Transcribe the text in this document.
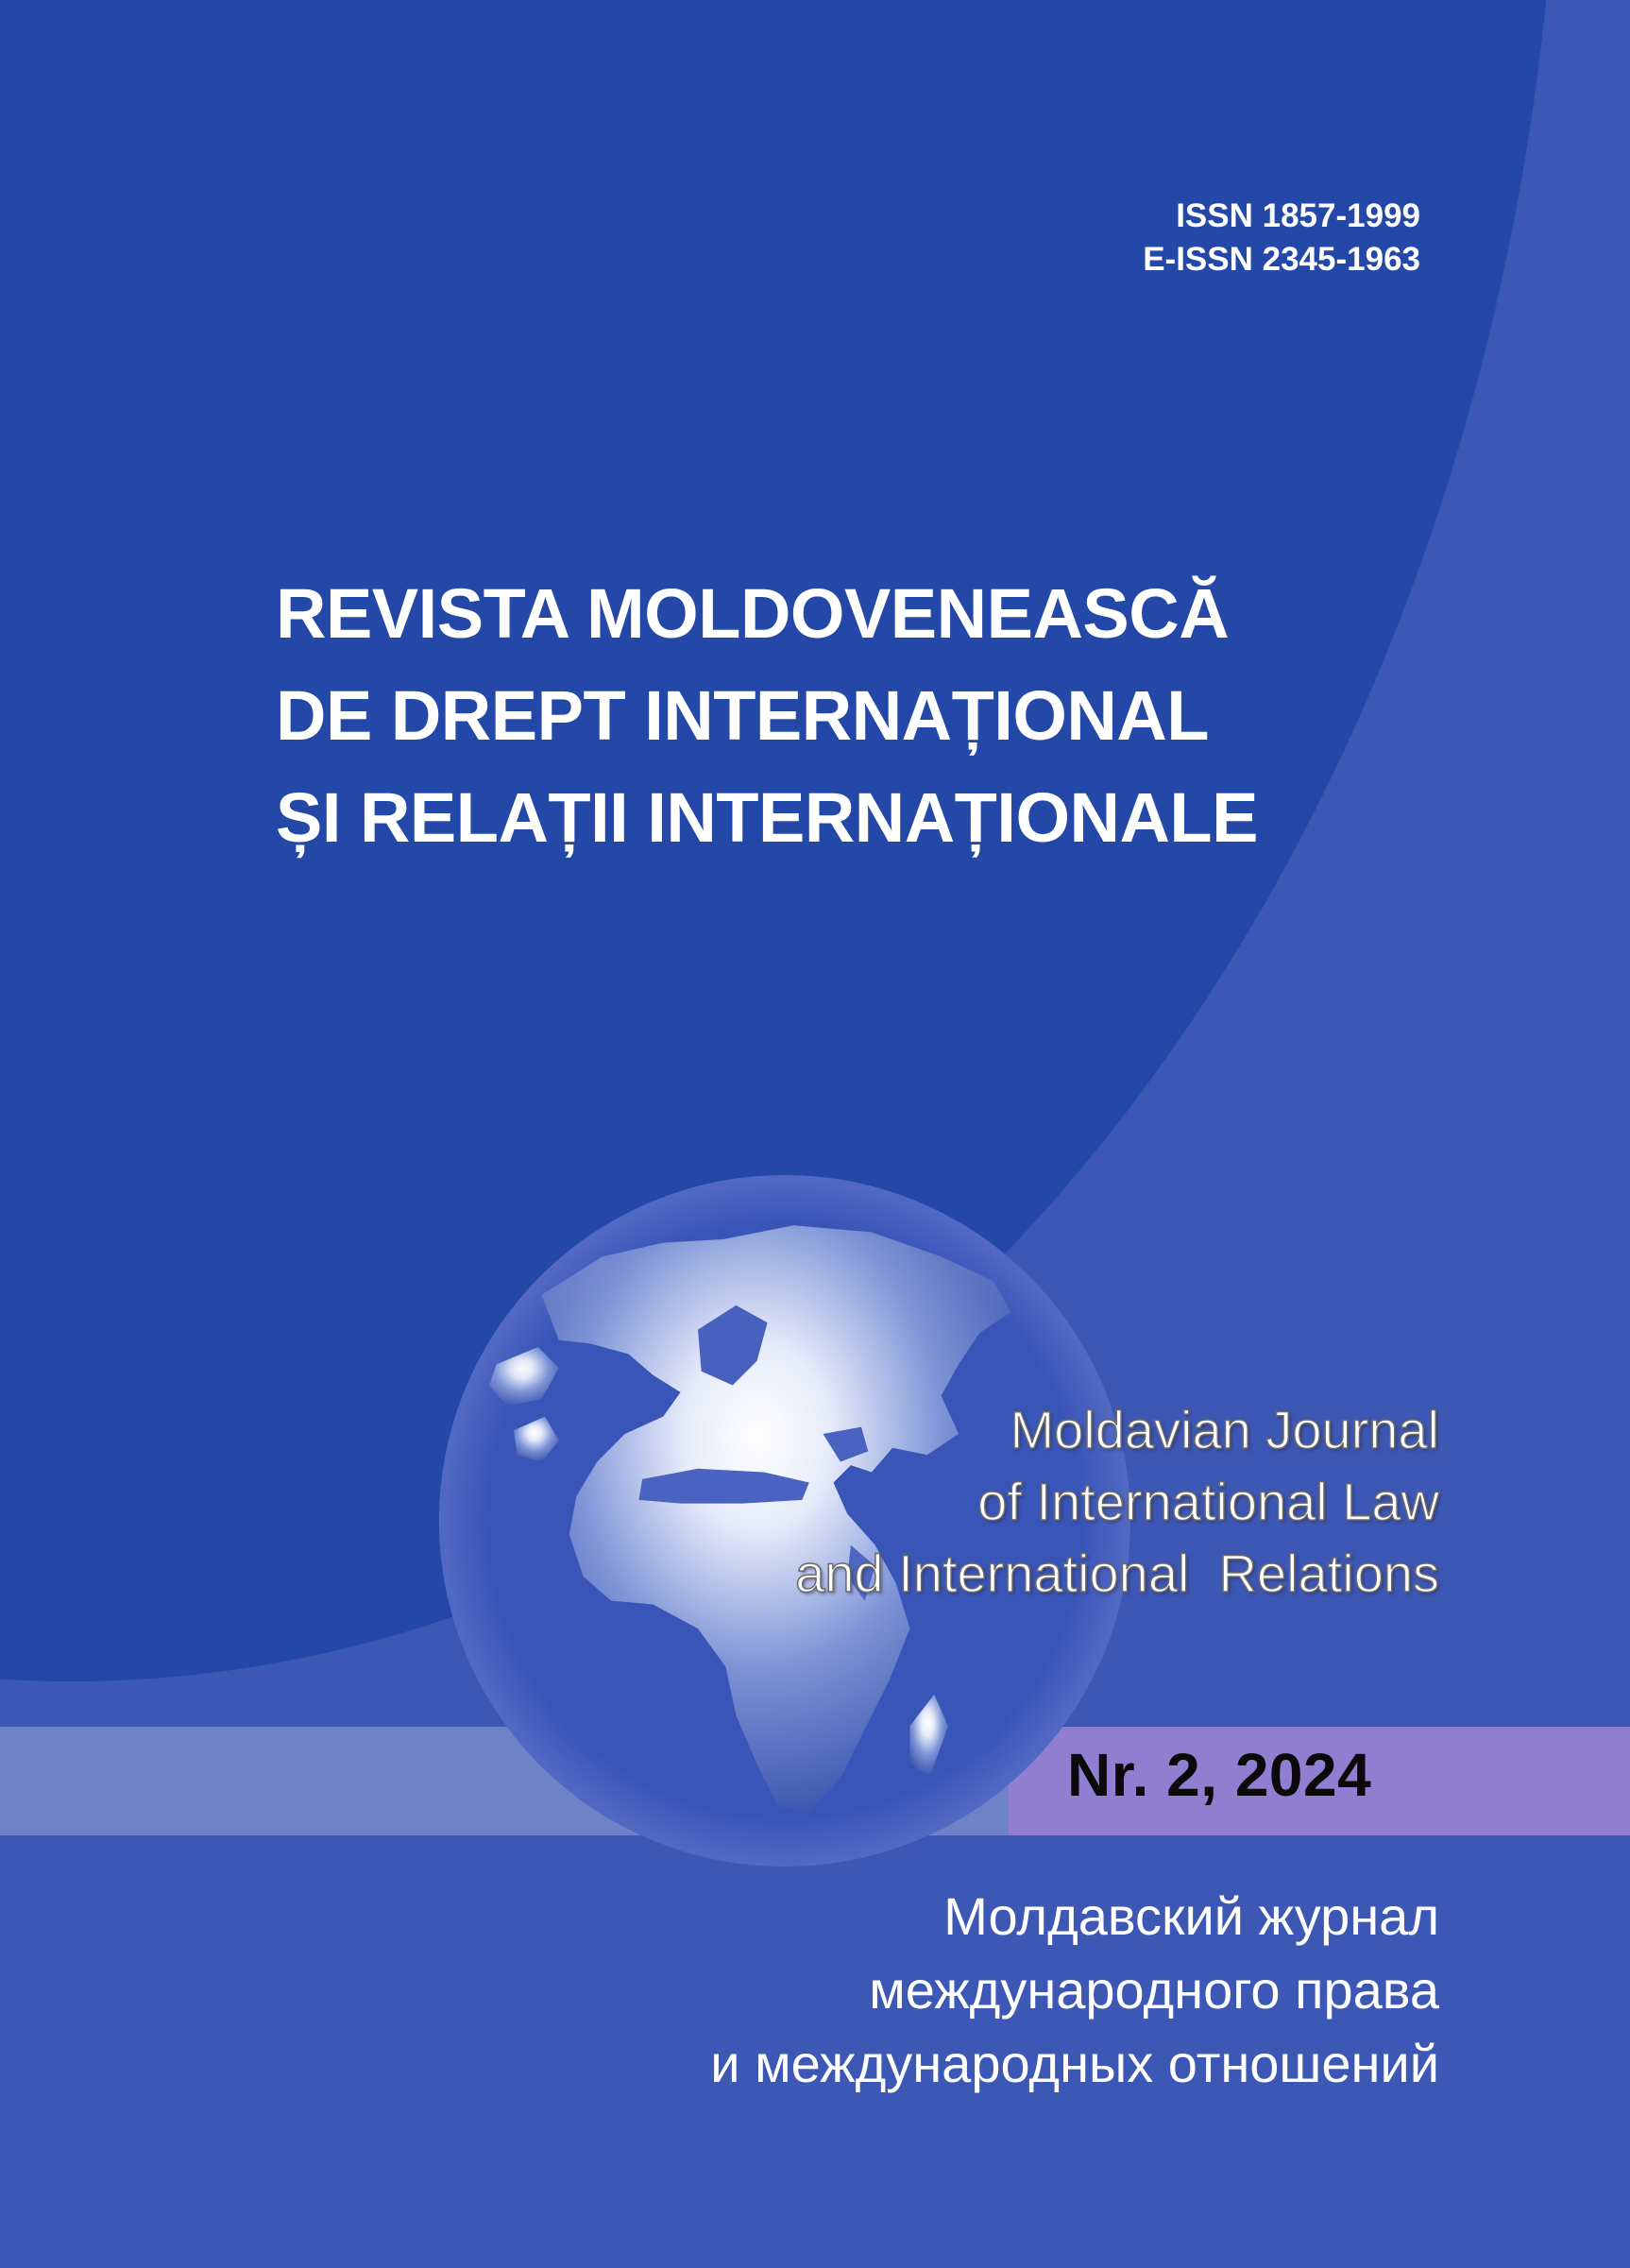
ISSN 1857-1999
E-ISSN 2345-1963
REVISTA MOLDOVENEASCĂ
DE DREPT INTERNAȚIONAL
ȘI RELAȚII INTERNAȚIONALE
Moldavian Journal
of International Law
and International  Relations
Nr. 2, 2024
Молдавский журнал
международного права
и международных отношений
